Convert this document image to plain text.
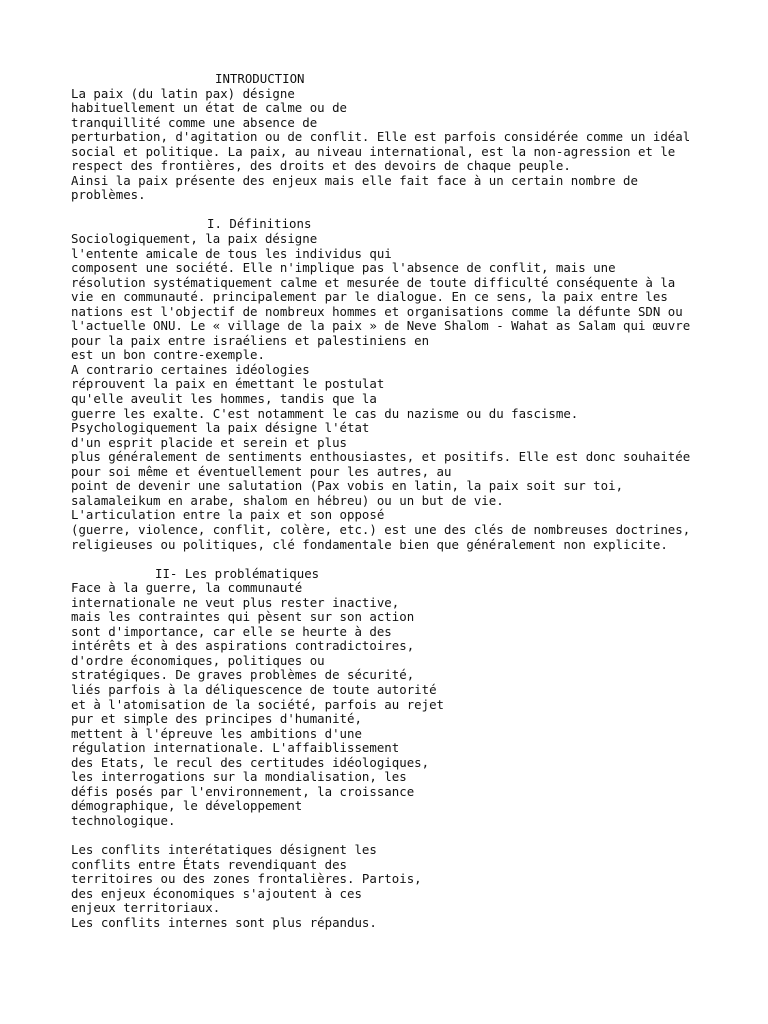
INTRODUCTION
La paix (du latin pax) désigne
habituellement un état de calme ou de
tranquillité comme une absence de
perturbation, d'agitation ou de conflit. Elle est parfois considérée comme un idéal
social et politique. La paix, au niveau international, est la non-agression et le
respect des frontières, des droits et des devoirs de chaque peuple.
Ainsi la paix présente des enjeux mais elle fait face à un certain nombre de
problèmes.
I. Définitions
Sociologiquement, la paix désigne
l'entente amicale de tous les individus qui
composent une société. Elle n'implique pas l'absence de conflit, mais une
résolution systématiquement calme et mesurée de toute difficulté conséquente à la
vie en communauté. principalement par le dialogue. En ce sens, la paix entre les
nations est l'objectif de nombreux hommes et organisations comme la défunte SDN ou
l'actuelle ONU. Le « village de la paix » de Neve Shalom - Wahat as Salam qui œuvre
pour la paix entre israéliens et palestiniens en
est un bon contre-exemple.
A contrario certaines idéologies
réprouvent la paix en émettant le postulat
qu'elle aveulit les hommes, tandis que la
guerre les exalte. C'est notamment le cas du nazisme ou du fascisme.
Psychologiquement la paix désigne l'état
d'un esprit placide et serein et plus
plus généralement de sentiments enthousiastes, et positifs. Elle est donc souhaitée
pour soi même et éventuellement pour les autres, au
point de devenir une salutation (Pax vobis en latin, la paix soit sur toi,
salamaleikum en arabe, shalom en hébreu) ou un but de vie.
L'articulation entre la paix et son opposé
(guerre, violence, conflit, colère, etc.) est une des clés de nombreuses doctrines,
religieuses ou politiques, clé fondamentale bien que généralement non explicite.
II- Les problématiques
Face à la guerre, la communauté
internationale ne veut plus rester inactive,
mais les contraintes qui pèsent sur son action
sont d'importance, car elle se heurte à des
intérêts et à des aspirations contradictoires,
d'ordre économiques, politiques ou
stratégiques. De graves problèmes de sécurité,
liés parfois à la déliquescence de toute autorité
et à l'atomisation de la société, parfois au rejet
pur et simple des principes d'humanité,
mettent à l'épreuve les ambitions d'une
régulation internationale. L'affaiblissement
des Etats, le recul des certitudes idéologiques,
les interrogations sur la mondialisation, les
défis posés par l'environnement, la croissance
démographique, le développement
technologique.
Les conflits interétatiques désignent les
conflits entre États revendiquant des
territoires ou des zones frontalières. Partois,
des enjeux économiques s'ajoutent à ces
enjeux territoriaux.
Les conflits internes sont plus répandus.
